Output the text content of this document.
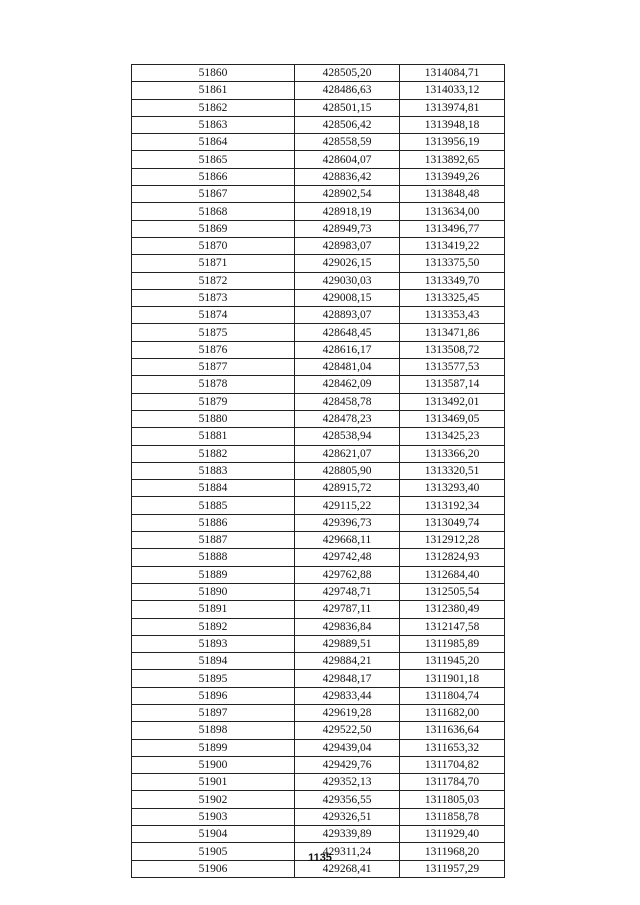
51860	428505,20	1314084,71
51861	428486,63	1314033,12
51862	428501,15	1313974,81
51863	428506,42	1313948,18
51864	428558,59	1313956,19
51865	428604,07	1313892,65
51866	428836,42	1313949,26
51867	428902,54	1313848,48
51868	428918,19	1313634,00
51869	428949,73	1313496,77
51870	428983,07	1313419,22
51871	429026,15	1313375,50
51872	429030,03	1313349,70
51873	429008,15	1313325,45
51874	428893,07	1313353,43
51875	428648,45	1313471,86
51876	428616,17	1313508,72
51877	428481,04	1313577,53
51878	428462,09	1313587,14
51879	428458,78	1313492,01
51880	428478,23	1313469,05
51881	428538,94	1313425,23
51882	428621,07	1313366,20
51883	428805,90	1313320,51
51884	428915,72	1313293,40
51885	429115,22	1313192,34
51886	429396,73	1313049,74
51887	429668,11	1312912,28
51888	429742,48	1312824,93
51889	429762,88	1312684,40
51890	429748,71	1312505,54
51891	429787,11	1312380,49
51892	429836,84	1312147,58
51893	429889,51	1311985,89
51894	429884,21	1311945,20
51895	429848,17	1311901,18
51896	429833,44	1311804,74
51897	429619,28	1311682,00
51898	429522,50	1311636,64
51899	429439,04	1311653,32
51900	429429,76	1311704,82
51901	429352,13	1311784,70
51902	429356,55	1311805,03
51903	429326,51	1311858,78
51904	429339,89	1311929,40
51905	429311,24	1311968,20
51906	429268,41	1311957,29
1135
